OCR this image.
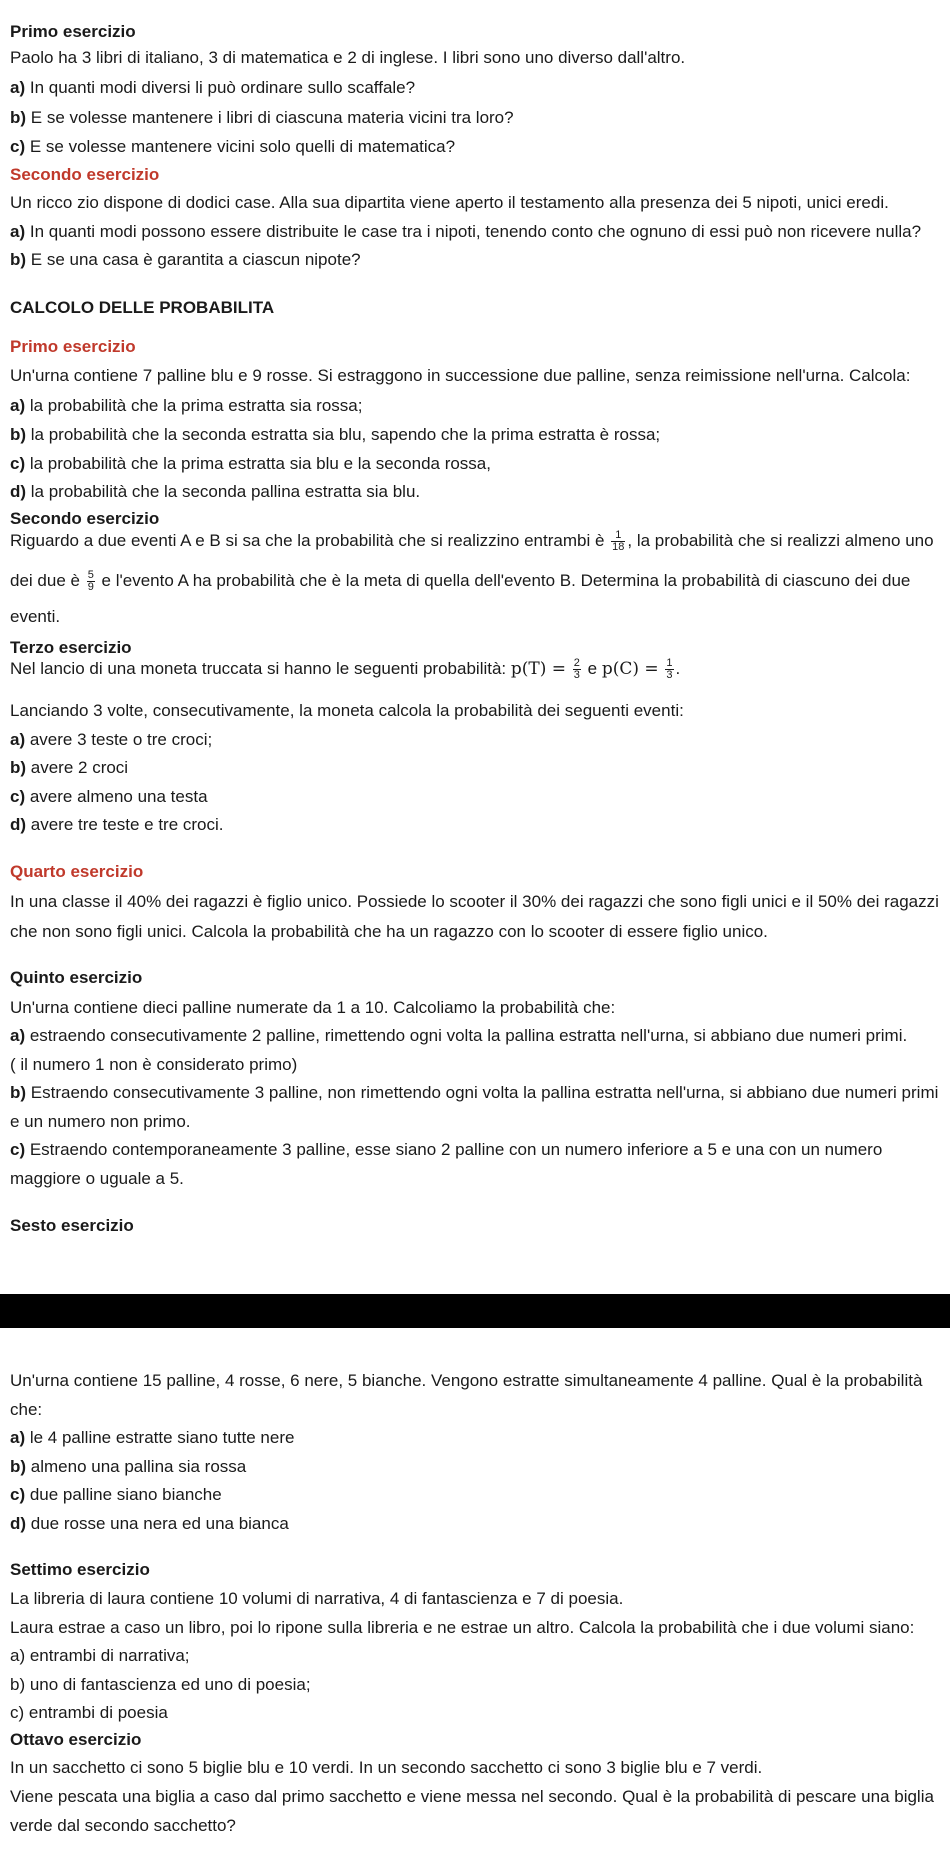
Primo esercizio
Paolo ha 3 libri di italiano, 3 di matematica e 2 di inglese. I libri sono uno diverso dall'altro.
a) In quanti modi diversi li può ordinare sullo scaffale?
b) E se volesse mantenere i libri di ciascuna materia vicini tra loro?
c) E se volesse mantenere vicini solo quelli di matematica?
Secondo esercizio
Un ricco zio dispone di dodici case. Alla sua dipartita viene aperto il testamento alla presenza dei 5 nipoti, unici eredi.
a) In quanti modi possono essere distribuite le case tra i nipoti, tenendo conto che ognuno di essi può non ricevere nulla?
b) E se una casa è garantita a ciascun nipote?
CALCOLO DELLE PROBABILITA
Primo esercizio
Un'urna contiene 7 palline blu e 9 rosse. Si estraggono in successione due palline, senza reimissione nell'urna. Calcola:
a) la probabilità che la prima estratta sia rossa;
b) la probabilità che la seconda estratta sia blu, sapendo che la prima estratta è rossa;
c) la probabilità che la prima estratta sia blu e la seconda rossa,
d) la probabilità che la seconda pallina estratta sia blu.
Secondo esercizio
Riguardo a due eventi A e B si sa che la probabilità che si realizzino entrambi è $\frac{1}{18}$ , la probabilità che si realizzi almeno uno
dei due è $\frac{5}{9}$ e l'evento A ha probabilità che è la meta di quella dell'evento B. Determina la probabilità di ciascuno dei due
eventi.
Terzo esercizio
Nel lancio di una moneta truccata si hanno le seguenti probabilità: $p(T) = \frac{2}{3}$ e $p(C) = \frac{1}{3}$ .
Lanciando 3 volte, consecutivamente, la moneta calcola la probabilità dei seguenti eventi:
a) avere 3 teste o tre croci;
b) avere 2 croci
c) avere almeno una testa
d) avere tre teste e tre croci.
Quarto esercizio
In una classe il 40% dei ragazzi è figlio unico. Possiede lo scooter il 30% dei ragazzi che sono figli unici e il 50% dei ragazzi
che non sono figli unici. Calcola la probabilità che ha un ragazzo con lo scooter di essere figlio unico.
Quinto esercizio
Un'urna contiene dieci palline numerate da 1 a 10. Calcoliamo la probabilità che:
a) estraendo consecutivamente 2 palline, rimettendo ogni volta la pallina estratta nell'urna, si abbiano due numeri primi.
( il numero 1 non è considerato primo)
b) Estraendo consecutivamente 3 palline, non rimettendo ogni volta la pallina estratta nell'urna, si abbiano due numeri primi
e un numero non primo.
c) Estraendo contemporaneamente 3 palline, esse siano 2 palline con un numero inferiore a 5 e una con un numero
maggiore o uguale a 5.
Sesto esercizio
Un'urna contiene 15 palline, 4 rosse, 6 nere, 5 bianche. Vengono estratte simultaneamente 4 palline. Qual è la probabilità
che:
a) le 4 palline estratte siano tutte nere
b) almeno una pallina sia rossa
c) due palline siano bianche
d) due rosse una nera ed una bianca
Settimo esercizio
La libreria di laura contiene 10 volumi di narrativa, 4 di fantascienza e 7 di poesia.
Laura estrae a caso un libro, poi lo ripone sulla libreria e ne estrae un altro. Calcola la probabilità che i due volumi siano:
a) entrambi di narrativa;
b) uno di fantascienza ed uno di poesia;
c) entrambi di poesia
Ottavo esercizio
In un sacchetto ci sono 5 biglie blu e 10 verdi. In un secondo sacchetto ci sono 3 biglie blu e 7 verdi.
Viene pescata una biglia a caso dal primo sacchetto e viene messa nel secondo. Qual è la probabilità di pescare una biglia
verde dal secondo sacchetto?
